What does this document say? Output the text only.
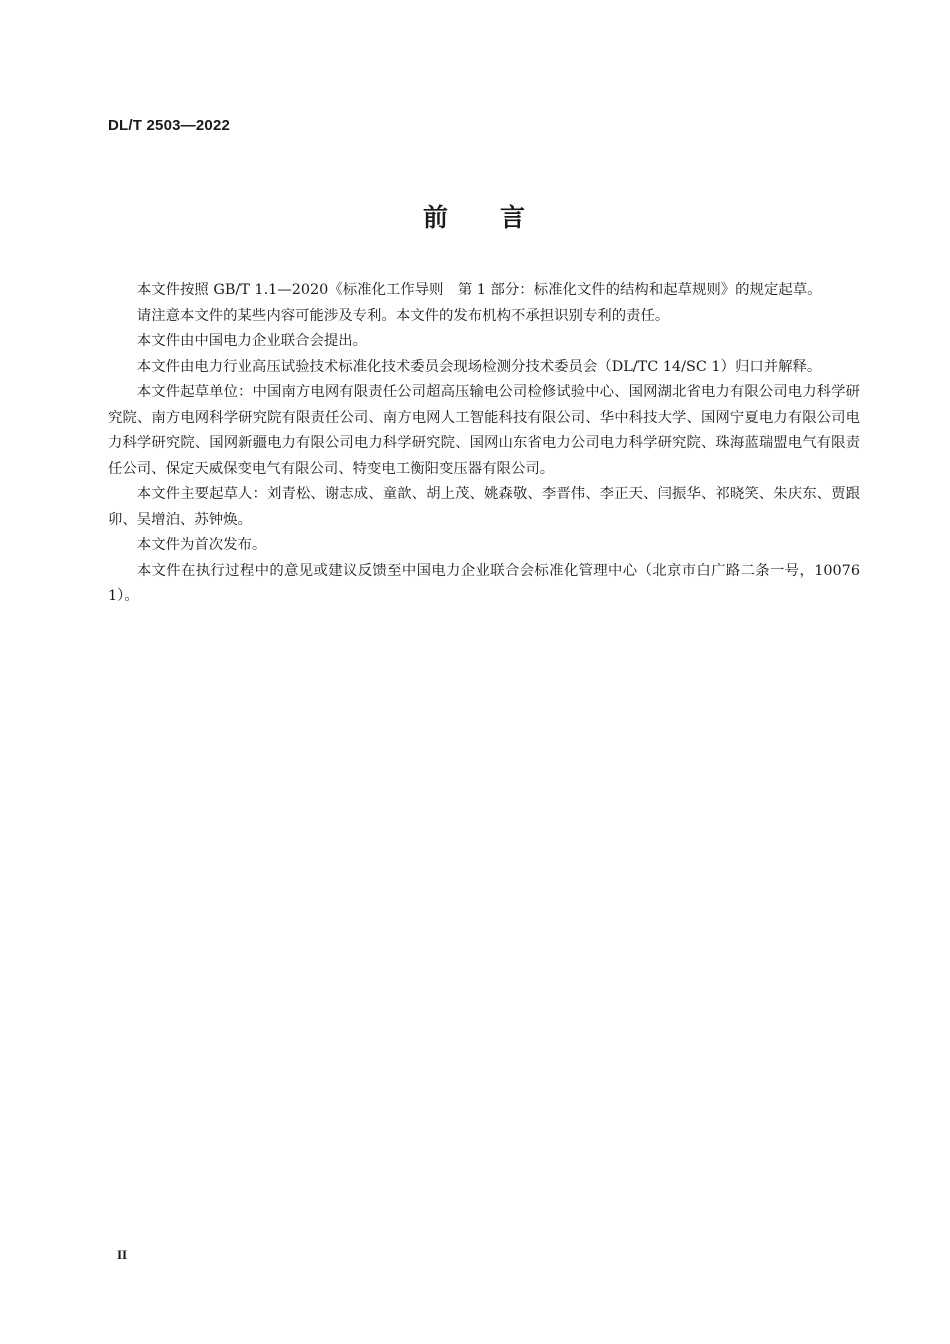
DL/T 2503—2022
前 言

本文件按照 GB/T 1.1—2020《标准化工作导则　第 1 部分：标准化文件的结构和起草规则》的规定起草。

请注意本文件的某些内容可能涉及专利。本文件的发布机构不承担识别专利的责任。

本文件由中国电力企业联合会提出。

本文件由电力行业高压试验技术标准化技术委员会现场检测分技术委员会（DL/TC 14/SC 1）归口并解释。

本文件起草单位：中国南方电网有限责任公司超高压输电公司检修试验中心、国网湖北省电力有限公司电力科学研究院、南方电网科学研究院有限责任公司、南方电网人工智能科技有限公司、华中科技大学、国网宁夏电力有限公司电力科学研究院、国网新疆电力有限公司电力科学研究院、国网山东省电力公司电力科学研究院、珠海蓝瑞盟电气有限责任公司、保定天威保变电气有限公司、特变电工衡阳变压器有限公司。

本文件主要起草人：刘青松、谢志成、童歆、胡上茂、姚森敬、李晋伟、李正天、闫振华、祁晓笑、朱庆东、贾跟卯、吴增泊、苏钟焕。

本文件为首次发布。

本文件在执行过程中的意见或建议反馈至中国电力企业联合会标准化管理中心（北京市白广路二条一号，100761）。

II
